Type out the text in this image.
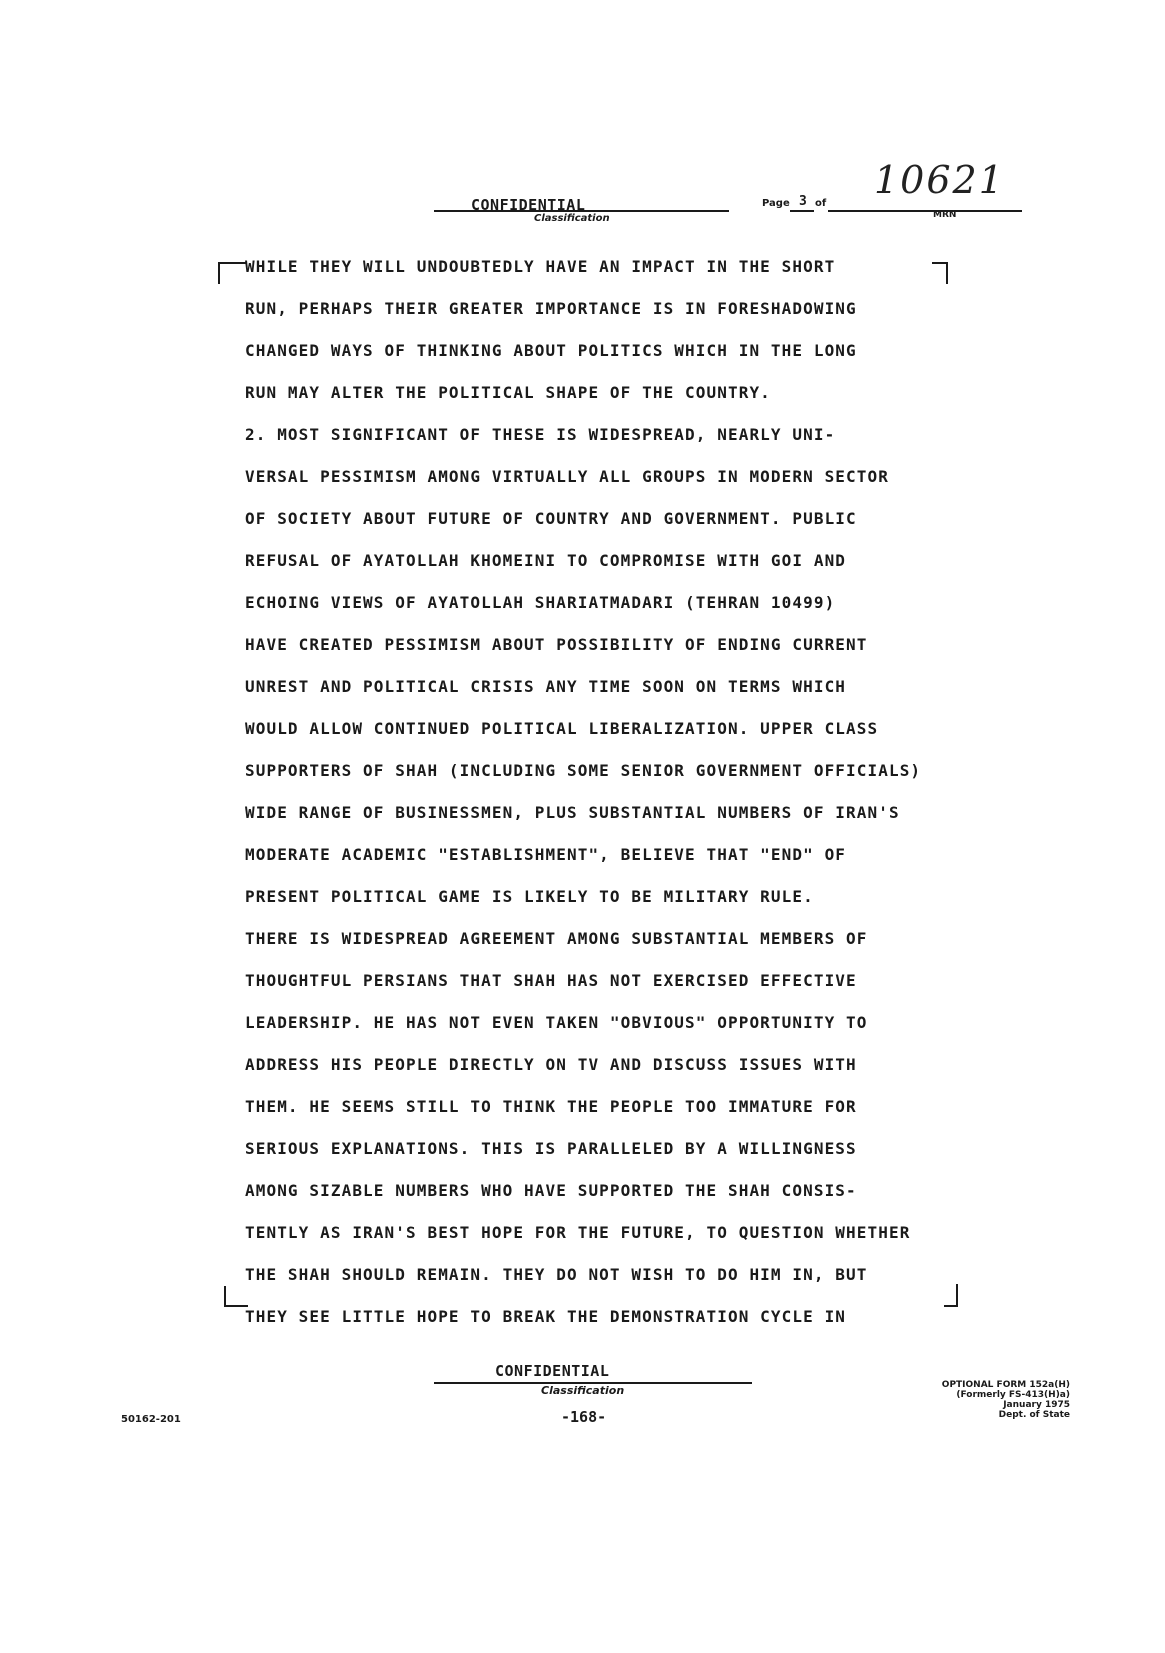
CONFIDENTIAL
Classification
Page 3 of
10621
MRN
WHILE THEY WILL UNDOUBTEDLY HAVE AN IMPACT IN THE SHORT
RUN, PERHAPS THEIR GREATER IMPORTANCE IS IN FORESHADOWING
CHANGED WAYS OF THINKING ABOUT POLITICS WHICH IN THE LONG
RUN MAY ALTER THE POLITICAL SHAPE OF THE COUNTRY.
2. MOST SIGNIFICANT OF THESE IS WIDESPREAD, NEARLY UNI-
VERSAL PESSIMISM AMONG VIRTUALLY ALL GROUPS IN MODERN SECTOR
OF SOCIETY ABOUT FUTURE OF COUNTRY AND GOVERNMENT. PUBLIC
REFUSAL OF AYATOLLAH KHOMEINI TO COMPROMISE WITH GOI AND
ECHOING VIEWS OF AYATOLLAH SHARIATMADARI (TEHRAN 10499)
HAVE CREATED PESSIMISM ABOUT POSSIBILITY OF ENDING CURRENT
UNREST AND POLITICAL CRISIS ANY TIME SOON ON TERMS WHICH
WOULD ALLOW CONTINUED POLITICAL LIBERALIZATION. UPPER CLASS
SUPPORTERS OF SHAH (INCLUDING SOME SENIOR GOVERNMENT OFFICIALS)
WIDE RANGE OF BUSINESSMEN, PLUS SUBSTANTIAL NUMBERS OF IRAN'S
MODERATE ACADEMIC "ESTABLISHMENT", BELIEVE THAT "END" OF
PRESENT POLITICAL GAME IS LIKELY TO BE MILITARY RULE.
THERE IS WIDESPREAD AGREEMENT AMONG SUBSTANTIAL MEMBERS OF
THOUGHTFUL PERSIANS THAT SHAH HAS NOT EXERCISED EFFECTIVE
LEADERSHIP. HE HAS NOT EVEN TAKEN "OBVIOUS" OPPORTUNITY TO
ADDRESS HIS PEOPLE DIRECTLY ON TV AND DISCUSS ISSUES WITH
THEM. HE SEEMS STILL TO THINK THE PEOPLE TOO IMMATURE FOR
SERIOUS EXPLANATIONS. THIS IS PARALLELED BY A WILLINGNESS
AMONG SIZABLE NUMBERS WHO HAVE SUPPORTED THE SHAH CONSIS-
TENTLY AS IRAN'S BEST HOPE FOR THE FUTURE, TO QUESTION WHETHER
THE SHAH SHOULD REMAIN. THEY DO NOT WISH TO DO HIM IN, BUT
THEY SEE LITTLE HOPE TO BREAK THE DEMONSTRATION CYCLE IN
CONFIDENTIAL
Classification
-168-
50162-201
OPTIONAL FORM 152a(H)
(Formerly FS-413(H)a)
January 1975
Dept. of State
